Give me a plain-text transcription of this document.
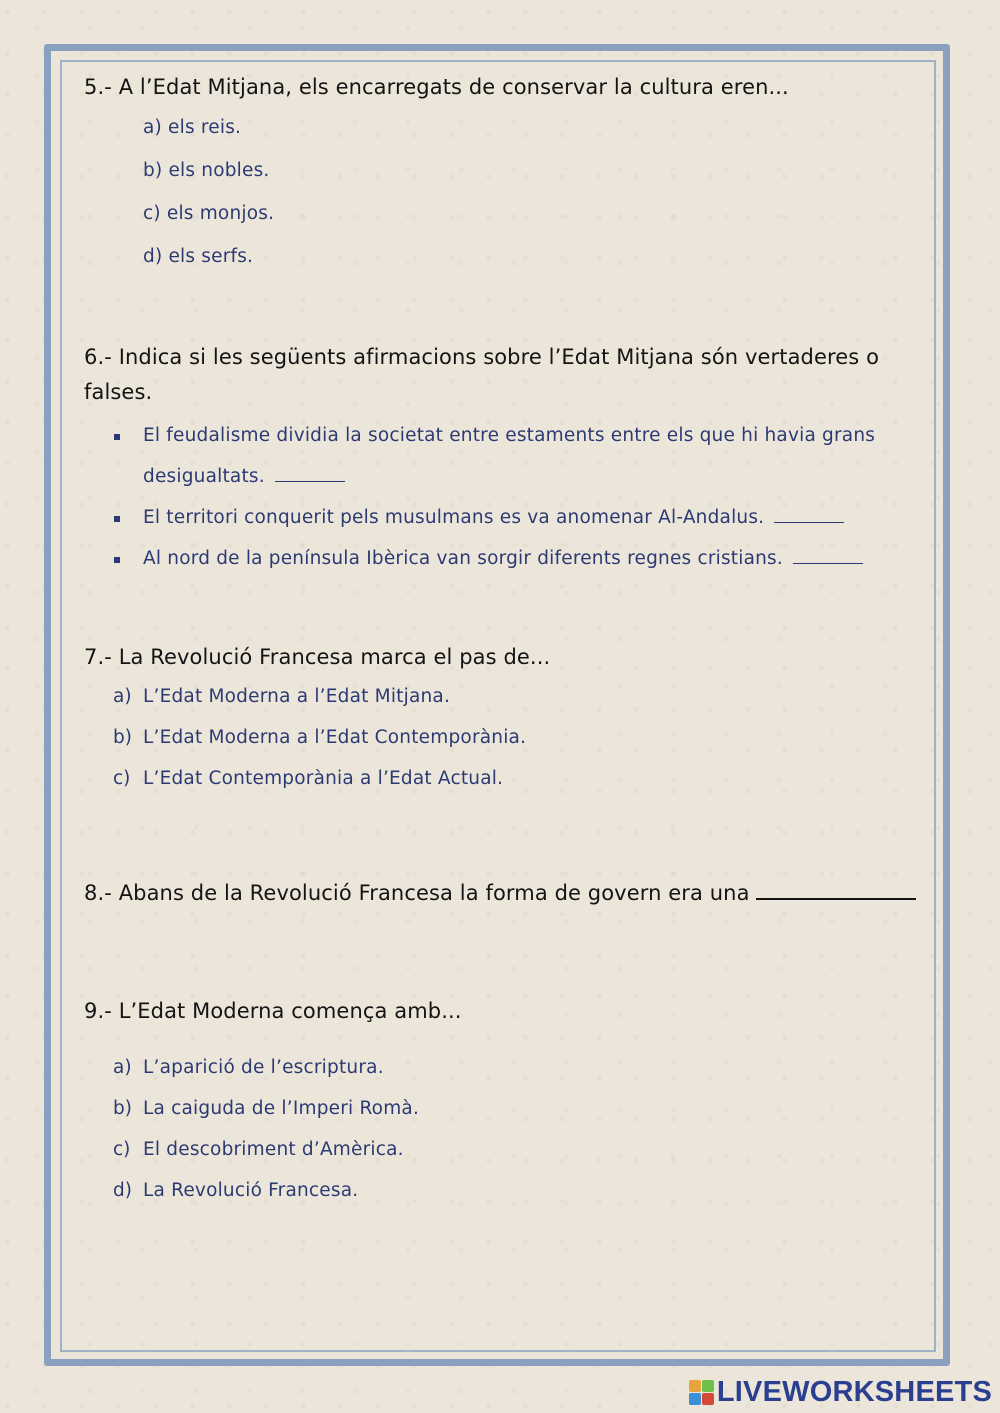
5.- A l’Edat Mitjana, els encarregats de conservar la cultura eren...
a) els reis.
b) els nobles.
c) els monjos.
d) els serfs.
6.- Indica si les següents afirmacions sobre l’Edat Mitjana són vertaderes o
falses.
El feudalisme dividia la societat entre estaments entre els que hi havia grans
desigualtats.
El territori conquerit pels musulmans es va anomenar Al-Andalus.
Al nord de la península Ibèrica van sorgir diferents regnes cristians.
7.- La Revolució Francesa marca el pas de...
a) L’Edat Moderna a l’Edat Mitjana.
b) L’Edat Moderna a l’Edat Contemporània.
c) L’Edat Contemporània a l’Edat Actual.
8.- Abans de la Revolució Francesa la forma de govern era una
9.- L’Edat Moderna comença amb...
a) L’aparició de l’escriptura.
b) La caiguda de l’Imperi Romà.
c) El descobriment d’Amèrica.
d) La Revolució Francesa.
LIVEWORKSHEETS
